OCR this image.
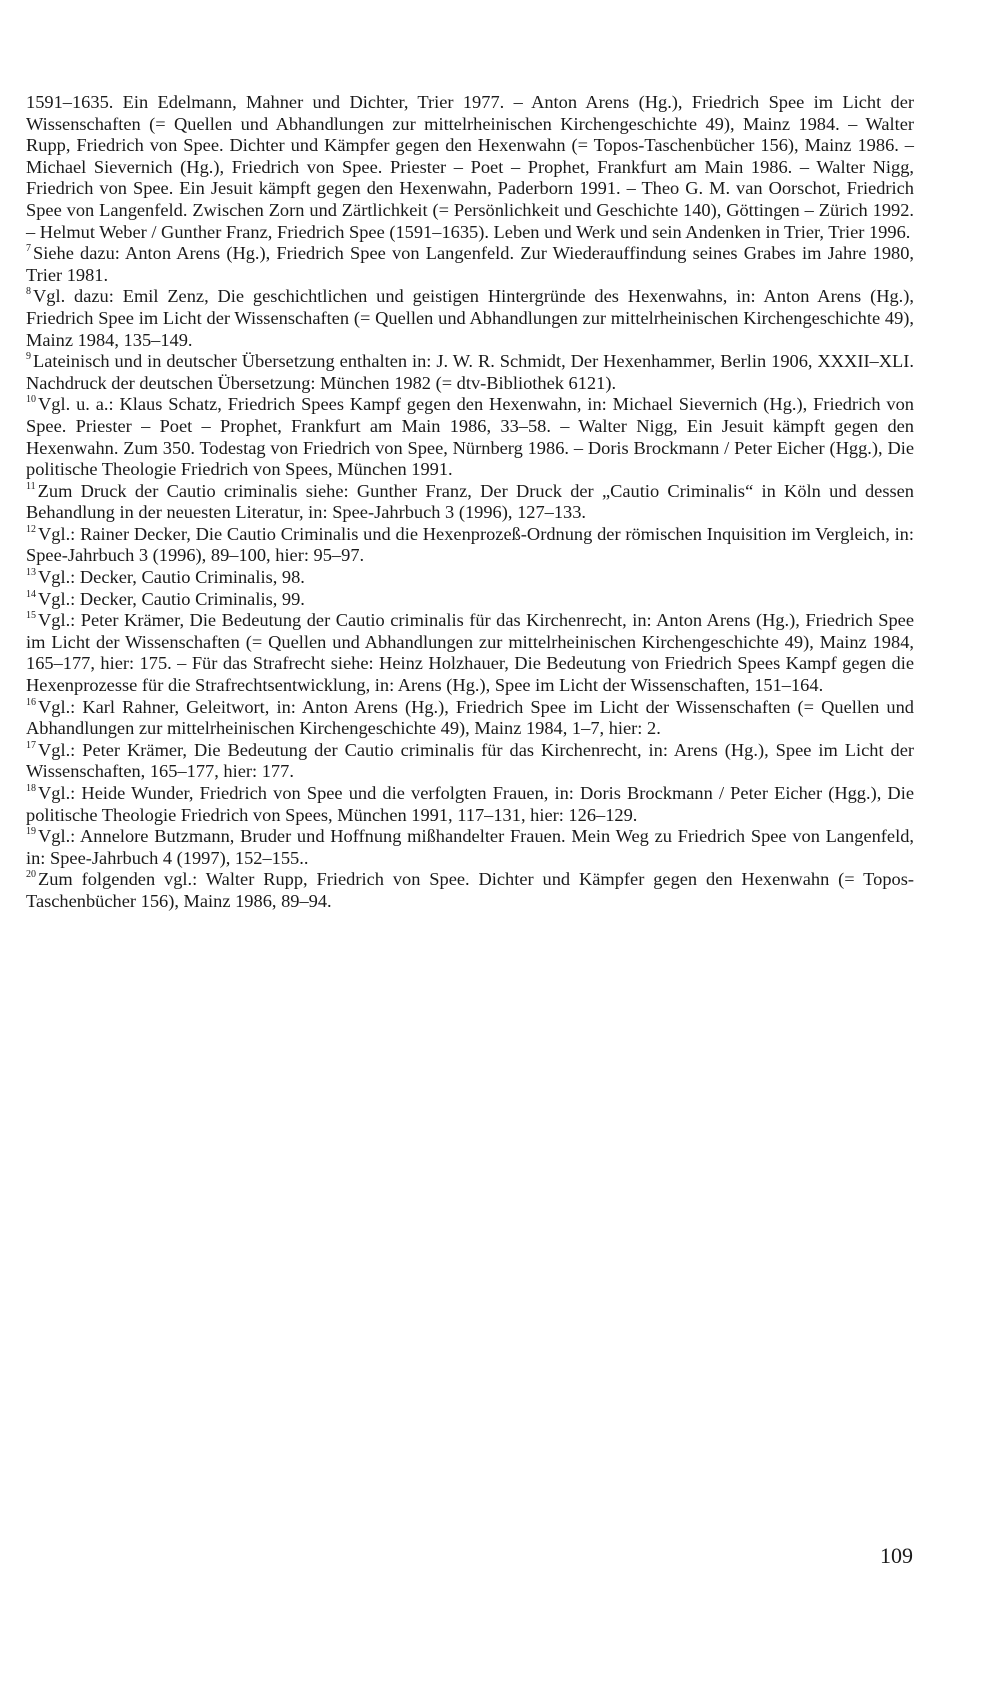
1591–1635. Ein Edelmann, Mahner und Dichter, Trier 1977. – Anton Arens (Hg.), Friedrich Spee im Licht der Wissenschaften (= Quellen und Abhandlungen zur mittelrheinischen Kirchengeschichte 49), Mainz 1984. – Walter Rupp, Friedrich von Spee. Dichter und Kämpfer gegen den Hexenwahn (= Topos-Taschenbücher 156), Mainz 1986. – Michael Sievernich (Hg.), Friedrich von Spee. Priester – Poet – Prophet, Frankfurt am Main 1986. – Walter Nigg, Friedrich von Spee. Ein Jesuit kämpft gegen den Hexenwahn, Paderborn 1991. – Theo G. M. van Oorschot, Friedrich Spee von Langenfeld. Zwischen Zorn und Zärtlichkeit (= Persönlichkeit und Geschichte 140), Göttingen – Zürich 1992. – Helmut Weber / Gunther Franz, Friedrich Spee (1591–1635). Leben und Werk und sein Andenken in Trier, Trier 1996.

$^7$ Siehe dazu: Anton Arens (Hg.), Friedrich Spee von Langenfeld. Zur Wiederauffindung seines Grabes im Jahre 1980, Trier 1981.

$^8$ Vgl. dazu: Emil Zenz, Die geschichtlichen und geistigen Hintergründe des Hexenwahns, in: Anton Arens (Hg.), Friedrich Spee im Licht der Wissenschaften (= Quellen und Abhandlungen zur mittelrheinischen Kirchengeschichte 49), Mainz 1984, 135–149.

$^9$ Lateinisch und in deutscher Übersetzung enthalten in: J. W. R. Schmidt, Der Hexenhammer, Berlin 1906, XXXII–XLI. Nachdruck der deutschen Übersetzung: München 1982 (= dtv-Bibliothek 6121).

$^{10}$ Vgl. u. a.: Klaus Schatz, Friedrich Spees Kampf gegen den Hexenwahn, in: Michael Sievernich (Hg.), Friedrich von Spee. Priester – Poet – Prophet, Frankfurt am Main 1986, 33–58. – Walter Nigg, Ein Jesuit kämpft gegen den Hexenwahn. Zum 350. Todestag von Friedrich von Spee, Nürnberg 1986. – Doris Brockmann / Peter Eicher (Hgg.), Die politische Theologie Friedrich von Spees, München 1991.

$^{11}$ Zum Druck der Cautio criminalis siehe: Gunther Franz, Der Druck der „Cautio Criminalis“ in Köln und dessen Behandlung in der neuesten Literatur, in: Spee-Jahrbuch 3 (1996), 127–133.

$^{12}$ Vgl.: Rainer Decker, Die Cautio Criminalis und die Hexenprozeß-Ordnung der römischen Inquisition im Vergleich, in: Spee-Jahrbuch 3 (1996), 89–100, hier: 95–97.

$^{13}$ Vgl.: Decker, Cautio Criminalis, 98.

$^{14}$ Vgl.: Decker, Cautio Criminalis, 99.

$^{15}$ Vgl.: Peter Krämer, Die Bedeutung der Cautio criminalis für das Kirchenrecht, in: Anton Arens (Hg.), Friedrich Spee im Licht der Wissenschaften (= Quellen und Abhandlungen zur mittelrheinischen Kirchengeschichte 49), Mainz 1984, 165–177, hier: 175. – Für das Strafrecht siehe: Heinz Holzhauer, Die Bedeutung von Friedrich Spees Kampf gegen die Hexenprozesse für die Strafrechtsentwicklung, in: Arens (Hg.), Spee im Licht der Wissenschaften, 151–164.

$^{16}$ Vgl.: Karl Rahner, Geleitwort, in: Anton Arens (Hg.), Friedrich Spee im Licht der Wissenschaften (= Quellen und Abhandlungen zur mittelrheinischen Kirchengeschichte 49), Mainz 1984, 1–7, hier: 2.

$^{17}$ Vgl.: Peter Krämer, Die Bedeutung der Cautio criminalis für das Kirchenrecht, in: Arens (Hg.), Spee im Licht der Wissenschaften, 165–177, hier: 177.

$^{18}$ Vgl.: Heide Wunder, Friedrich von Spee und die verfolgten Frauen, in: Doris Brockmann / Peter Eicher (Hgg.), Die politische Theologie Friedrich von Spees, München 1991, 117–131, hier: 126–129.

$^{19}$ Vgl.: Annelore Butzmann, Bruder und Hoffnung mißhandelter Frauen. Mein Weg zu Friedrich Spee von Langenfeld, in: Spee-Jahrbuch 4 (1997), 152–155..

$^{20}$ Zum folgenden vgl.: Walter Rupp, Friedrich von Spee. Dichter und Kämpfer gegen den Hexenwahn (= Topos-Taschenbücher 156), Mainz 1986, 89–94.

109
